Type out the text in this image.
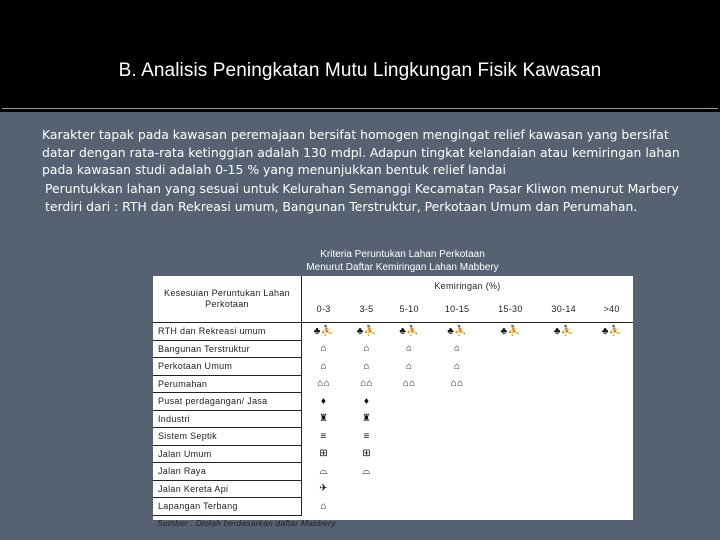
B. Analisis Peningkatan Mutu Lingkungan Fisik Kawasan
Karakter tapak pada kawasan peremajaan bersifat homogen mengingat relief kawasan yang bersifat datar dengan rata-rata ketinggian adalah 130 mdpl. Adapun tingkat kelandaian atau kemiringan lahan pada kawasan studi adalah 0-15 % yang menunjukkan bentuk relief landai
Peruntukkan lahan yang sesuai untuk Kelurahan Semanggi Kecamatan Pasar Kliwon menurut Marbery terdiri dari : RTH dan Rekreasi umum, Bangunan Terstruktur, Perkotaan Umum dan Perumahan.
Kriteria Peruntukan Lahan Perkotaan
Menurut Daftar Kemiringan Lahan Mabbery
Kesesuian Peruntukan Lahan Perkotaan	Kemiringan (%)						
	0-3	3-5	5-10	10-15	15-30	30-14	>40
RTH dan Rekreasi umum	♣⛹	♣⛹	♣⛹	♣⛹	♣⛹	♣⛹	♣⛹
Bangunan Terstruktur	⌂	⌂	⌂	⌂			
Perkotaan Umum	⌂	⌂	⌂	⌂			
Perumahan	⌂⌂	⌂⌂	⌂⌂	⌂⌂			
Pusat perdagangan/ Jasa	♦	♦					
Industri	♜	♜					
Sistem Septik	≡	≡					
Jalan Umum	⊞	⊞					
Jalan Raya	⌓	⌓					
Jalan Kereta Api	✈						
Lapangan Terbang	⌂						
Sumber : Diolah berdasarkan daftar Mabbery.
